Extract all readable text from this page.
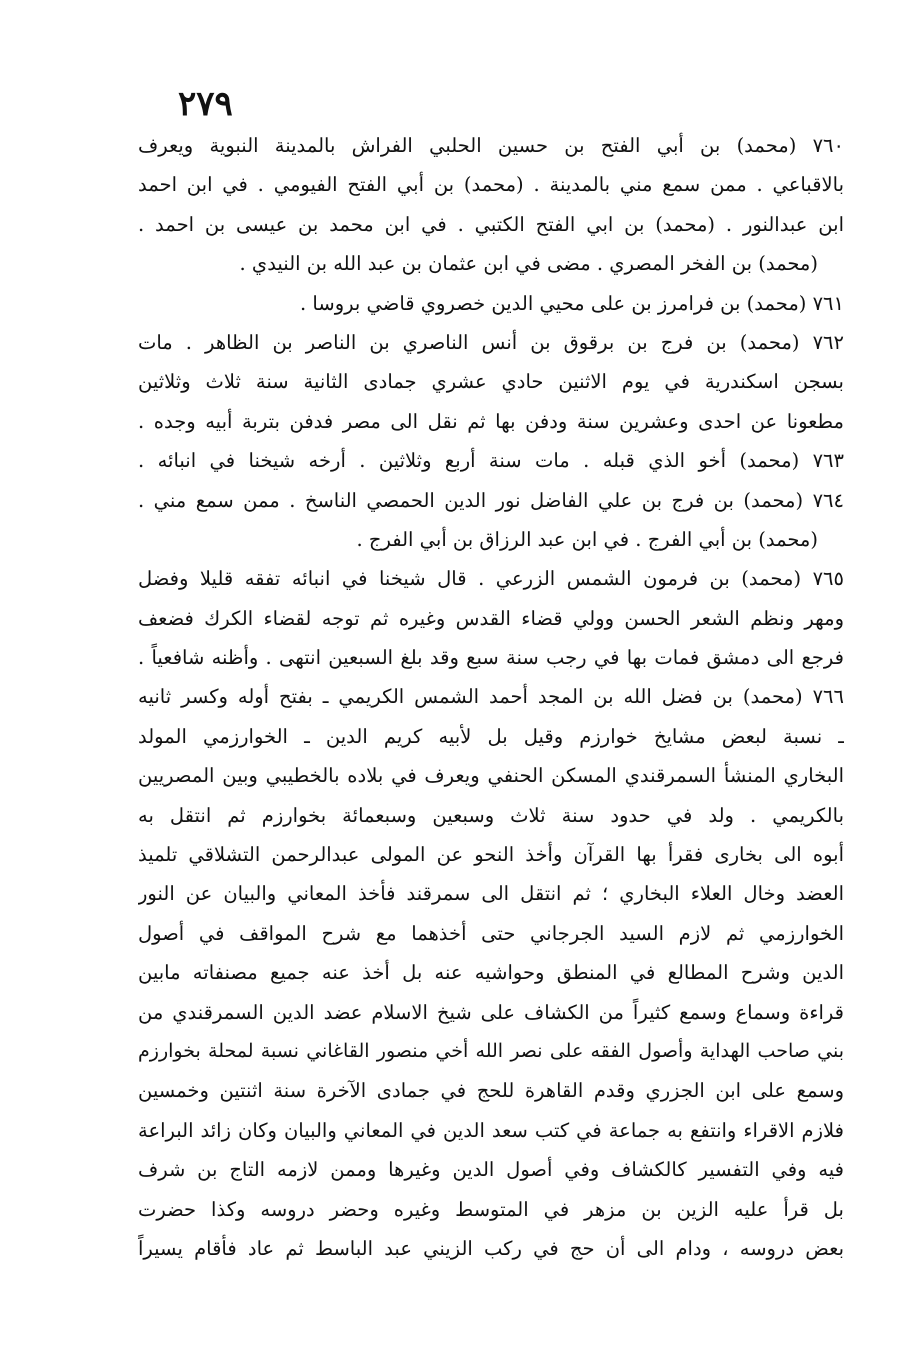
٢٧٩
٧٦٠ (محمد) بن أبي الفتح بن حسين الحلبي الفراش بالمدينة النبوية ويعرف
بالاقباعي . ممن سمع مني بالمدينة . (محمد) بن أبي الفتح الفيومي . في ابن احمد
ابن عبدالنور . (محمد) بن ابي الفتح الكتبي . في ابن محمد بن عيسى بن احمد .
(محمد) بن الفخر المصري . مضى في ابن عثمان بن عبد الله بن النيدي .
٧٦١ (محمد) بن فرامرز بن على محيي الدين خصروي قاضي بروسا .
٧٦٢ (محمد) بن فرج بن برقوق بن أنس الناصري بن الناصر بن الظاهر . مات
بسجن اسكندرية في يوم الاثنين حادي عشري جمادى الثانية سنة ثلاث وثلاثين
مطعونا عن احدى وعشرين سنة ودفن بها ثم نقل الى مصر فدفن بتربة أبيه وجده .
٧٦٣ (محمد) أخو الذي قبله . مات سنة أربع وثلاثين . أرخه شيخنا في انبائه .
٧٦٤ (محمد) بن فرج بن علي الفاضل نور الدين الحمصي الناسخ . ممن سمع مني .
(محمد) بن أبي الفرج . في ابن عبد الرزاق بن أبي الفرج .
٧٦٥ (محمد) بن فرمون الشمس الزرعي . قال شيخنا في انبائه تفقه قليلا وفضل
ومهر ونظم الشعر الحسن وولي قضاء القدس وغيره ثم توجه لقضاء الكرك فضعف
فرجع الى دمشق فمات بها في رجب سنة سبع وقد بلغ السبعين انتهى . وأظنه شافعياً .
٧٦٦ (محمد) بن فضل الله بن المجد أحمد الشمس الكريمي ـ بفتح أوله وكسر ثانيه
ـ نسبة لبعض مشايخ خوارزم وقيل بل لأبيه كريم الدين ـ الخوارزمي المولد
البخاري المنشأ السمرقندي المسكن الحنفي ويعرف في بلاده بالخطيبي وبين المصريين
بالكريمي . ولد في حدود سنة ثلاث وسبعين وسبعمائة بخوارزم ثم انتقل به
أبوه الى بخارى فقرأ بها القرآن وأخذ النحو عن المولى عبدالرحمن التشلاقي تلميذ
العضد وخال العلاء البخاري ؛ ثم انتقل الى سمرقند فأخذ المعاني والبيان عن النور
الخوارزمي ثم لازم السيد الجرجاني حتى أخذهما مع شرح المواقف في أصول
الدين وشرح المطالع في المنطق وحواشيه عنه بل أخذ عنه جميع مصنفاته مابين
قراءة وسماع وسمع كثيراً من الكشاف على شيخ الاسلام عضد الدين السمرقندي من
بني صاحب الهداية وأصول الفقه على نصر الله أخي منصور القاغاني نسبة لمحلة بخوارزم
وسمع على ابن الجزري وقدم القاهرة للحج في جمادى الآخرة سنة اثنتين وخمسين
فلازم الاقراء وانتفع به جماعة في كتب سعد الدين في المعاني والبيان وكان زائد البراعة
فيه وفي التفسير كالكشاف وفي أصول الدين وغيرها وممن لازمه التاج بن شرف
بل قرأ عليه الزين بن مزهر في المتوسط وغيره وحضر دروسه وكذا حضرت
بعض دروسه ، ودام الى أن حج في ركب الزيني عبد الباسط ثم عاد فأقام يسيراً
